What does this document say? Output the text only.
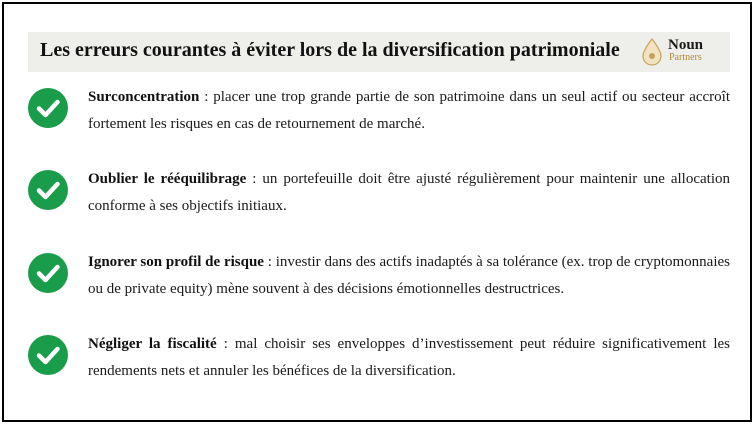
Les erreurs courantes à éviter lors de la diversification patrimoniale	Noun
Partners
Surconcentration : placer une trop grande partie de son patrimoine dans un seul actif ou secteur accroît fortement les risques en cas de retournement de marché.
Oublier le rééquilibrage : un portefeuille doit être ajusté régulièrement pour maintenir une allocation conforme à ses objectifs initiaux.
Ignorer son profil de risque : investir dans des actifs inadaptés à sa tolérance (ex. trop de cryptomonnaies ou de private equity) mène souvent à des décisions émotionnelles destructrices.
Négliger la fiscalité : mal choisir ses enveloppes d’investissement peut réduire significativement les rendements nets et annuler les bénéfices de la diversification.
